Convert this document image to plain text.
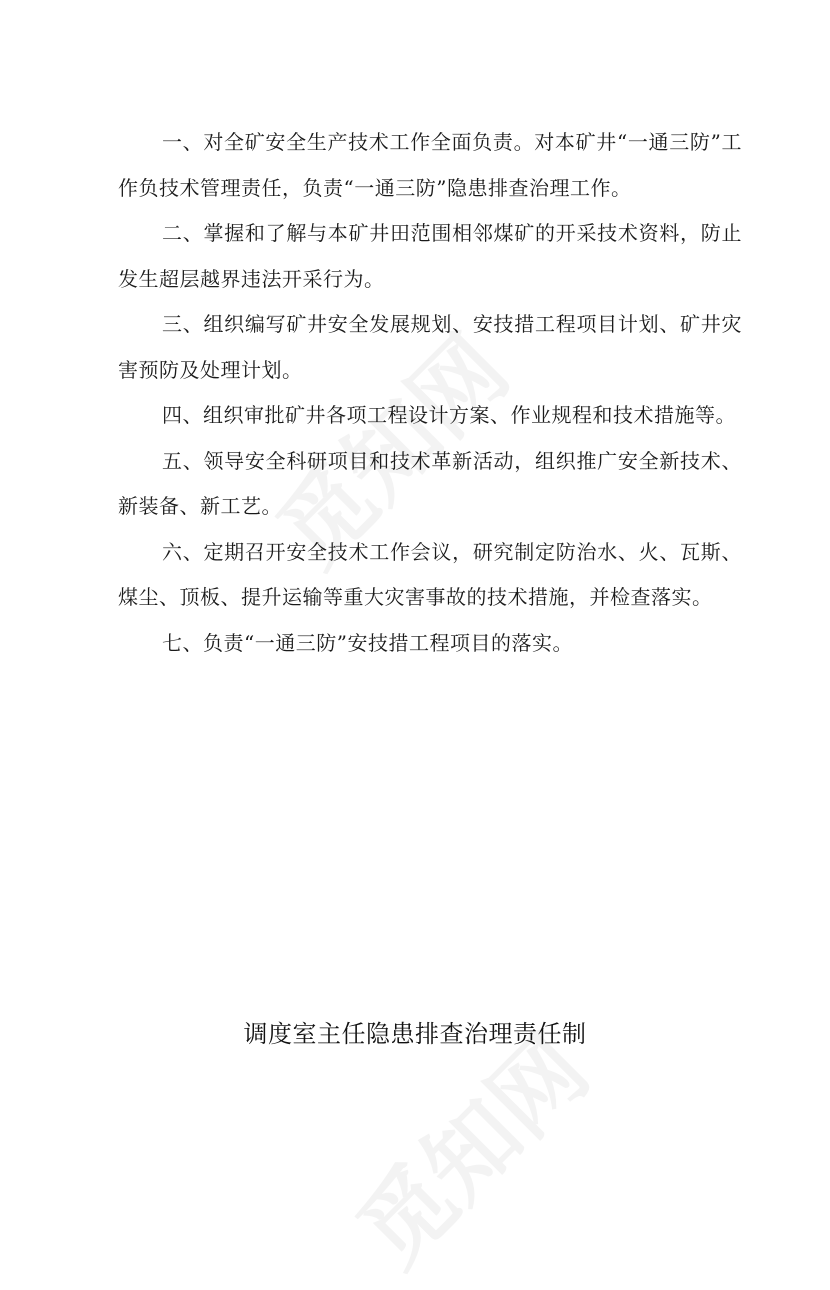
一、对全矿安全生产技术工作全面负责。对本矿井“一通三防”工作负技术管理责任，负责“一通三防”隐患排查治理工作。

二、掌握和了解与本矿井田范围相邻煤矿的开采技术资料，防止发生超层越界违法开采行为。

三、组织编写矿井安全发展规划、安技措工程项目计划、矿井灾害预防及处理计划。

四、组织审批矿井各项工程设计方案、作业规程和技术措施等。

五、领导安全科研项目和技术革新活动，组织推广安全新技术、新装备、新工艺。

六、定期召开安全技术工作会议，研究制定防治水、火、瓦斯、煤尘、顶板、提升运输等重大灾害事故的技术措施，并检查落实。

七、负责“一通三防”安技措工程项目的落实。

调度室主任隐患排查治理责任制
